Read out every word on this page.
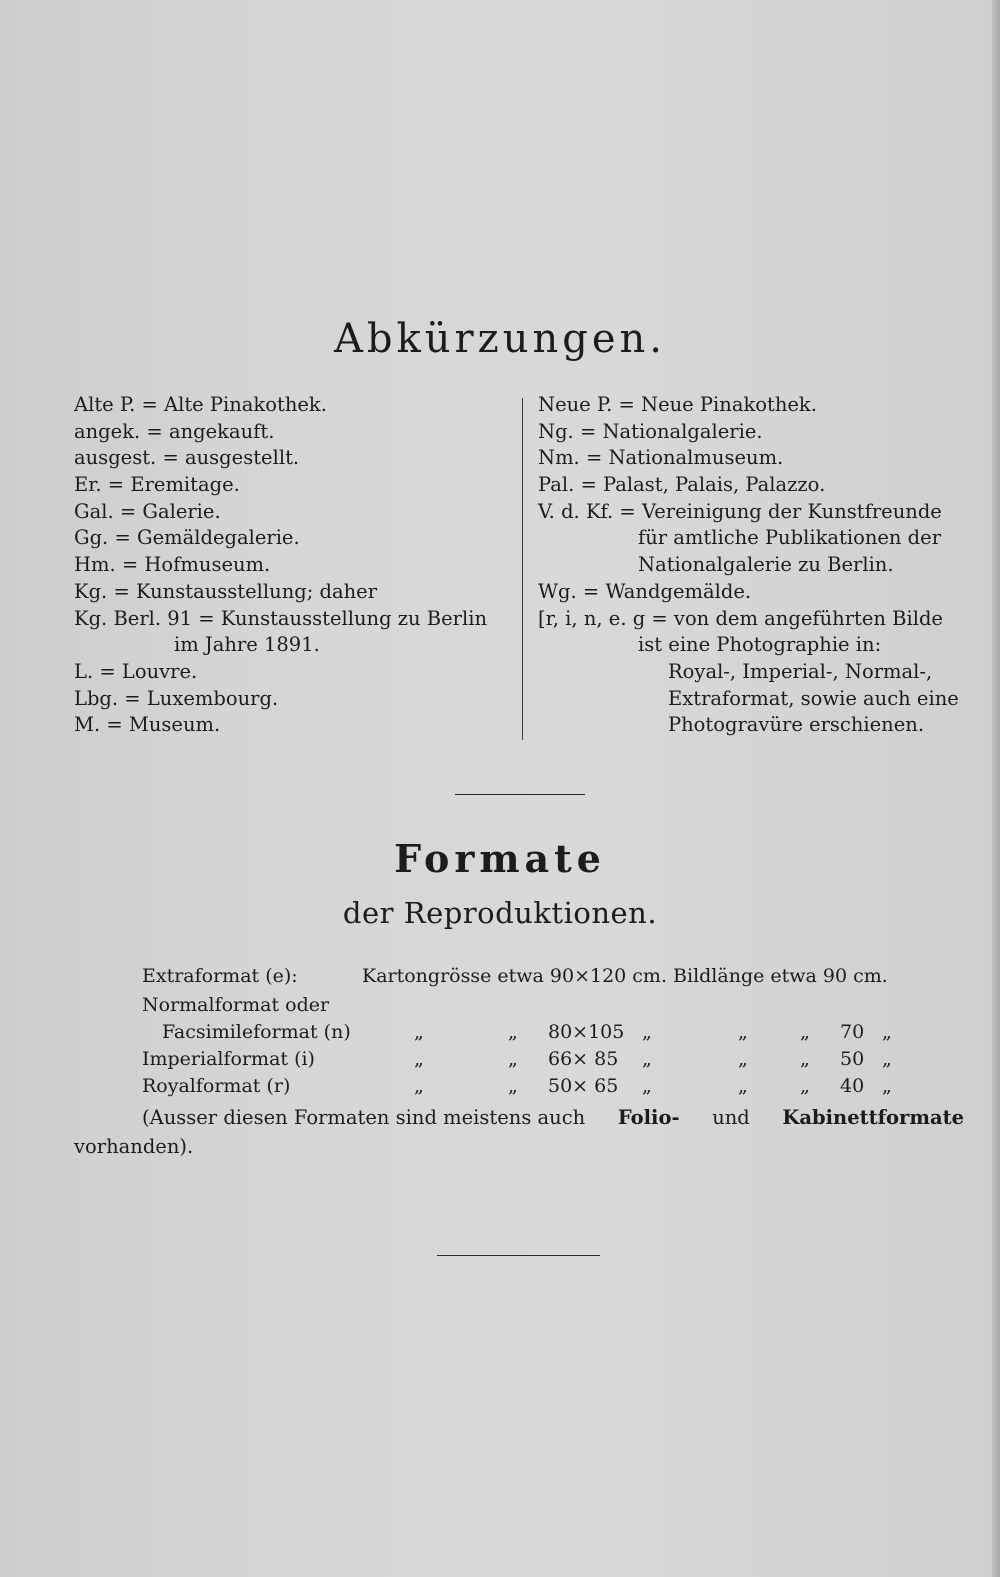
Abkürzungen.
Alte P. = Alte Pinakothek.
angek. = angekauft.
ausgest. = ausgestellt.
Er. = Eremitage.
Gal. = Galerie.
Gg. = Gemäldegalerie.
Hm. = Hofmuseum.
Kg. = Kunstausstellung; daher
Kg. Berl. 91 = Kunstausstellung zu Berlin
im Jahre 1891.
L. = Louvre.
Lbg. = Luxembourg.
M. = Museum.
Neue P. = Neue Pinakothek.
Ng. = Nationalgalerie.
Nm. = Nationalmuseum.
Pal. = Palast, Palais, Palazzo.
V. d. Kf. = Vereinigung der Kunstfreunde
für amtliche Publikationen der
Nationalgalerie zu Berlin.
Wg. = Wandgemälde.
[r, i, n, e. g = von dem angeführten Bilde
ist eine Photographie in:
Royal-, Imperial-, Normal-,
Extraformat, sowie auch eine
Photogravüre erschienen.
Formate
der Reproduktionen.
Extraformat (e):	Kartongrösse etwa 90×120 cm. Bildlänge etwa 90 cm.
Normalformat oder
Facsimileformat (n)	„	„ 80×105 „	„	„ 70 „
Imperialformat (i)	„	„ 66× 85 „	„	„ 50 „
Royalformat (r)	„	„ 50× 65 „	„	„ 40 „
(Ausser diesen Formaten sind meistens auch Folio- und Kabinettformate
vorhanden).
